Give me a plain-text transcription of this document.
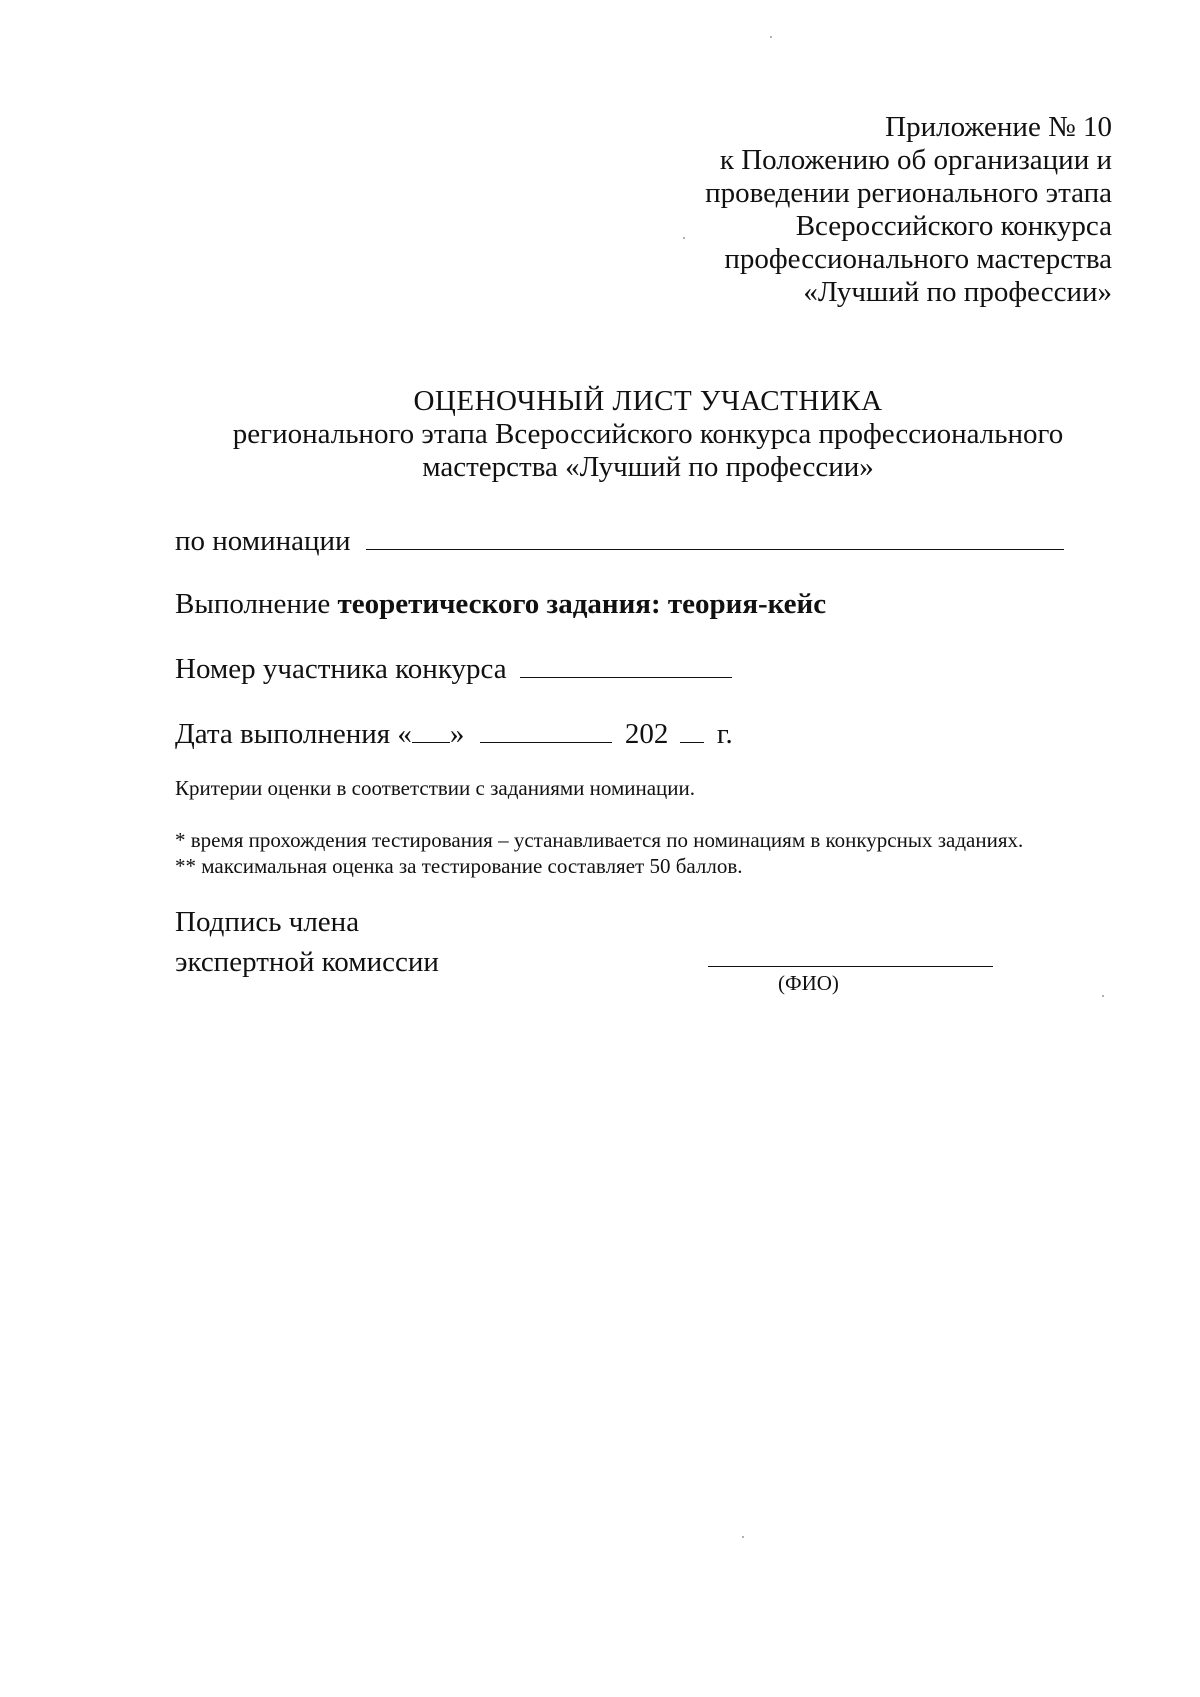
Приложение № 10
к Положению об организации и
проведении регионального этапа
Всероссийского конкурса
профессионального мастерства
«Лучший по профессии»
ОЦЕНОЧНЫЙ ЛИСТ УЧАСТНИКА
регионального этапа Всероссийского конкурса профессионального
мастерства «Лучший по профессии»
по номинации
Выполнение теоретического задания: теория-кейс
Номер участника конкурса
Дата выполнения « »	202 г.
Критерии оценки в соответствии с заданиями номинации.
* время прохождения тестирования – устанавливается по номинациям в конкурсных заданиях.
** максимальная оценка за тестирование составляет 50 баллов.
Подпись члена
экспертной комиссии
(ФИО)
